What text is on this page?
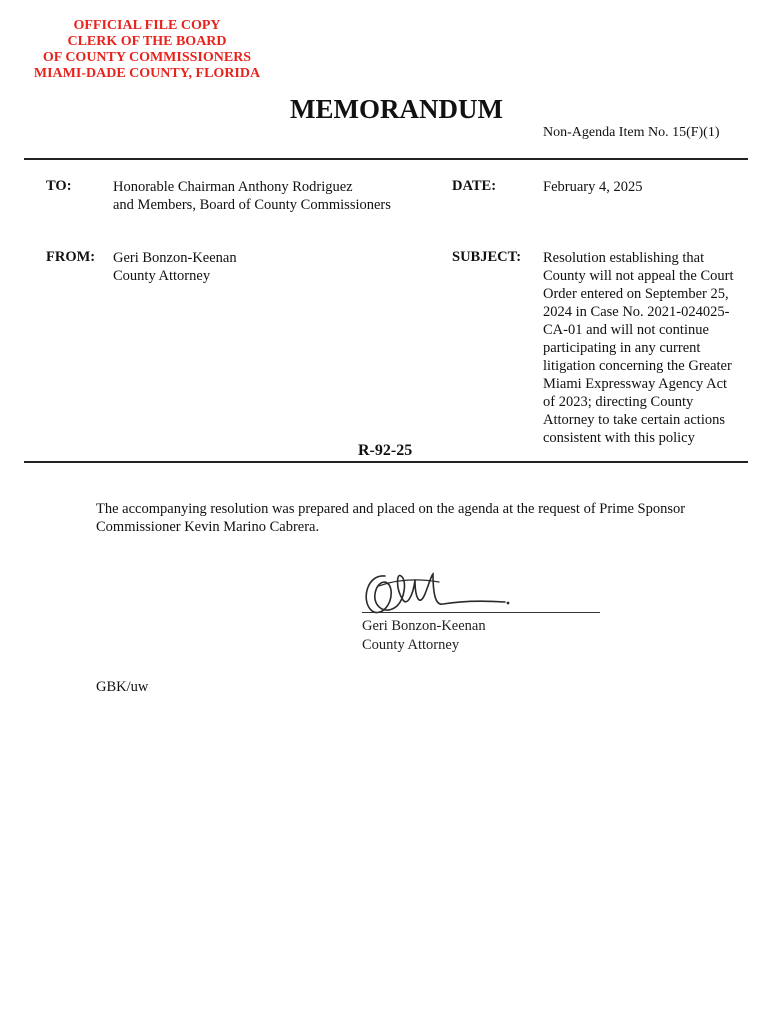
OFFICIAL FILE COPY
CLERK OF THE BOARD
OF COUNTY COMMISSIONERS
MIAMI-DADE COUNTY, FLORIDA
MEMORANDUM
Non-Agenda Item No. 15(F)(1)
TO:	Honorable Chairman Anthony Rodriguez
and Members, Board of County Commissioners
DATE:	February 4, 2025
FROM: Geri Bonzon-Keenan
County Attorney
SUBJECT: Resolution establishing that
County will not appeal the Court
Order entered on September 25,
2024 in Case No. 2021-024025-
CA-01 and will not continue
participating in any current
litigation concerning the Greater
Miami Expressway Agency Act
of 2023; directing County
Attorney to take certain actions
consistent with this policy
R-92-25
The accompanying resolution was prepared and placed on the agenda at the request of Prime Sponsor
Commissioner Kevin Marino Cabrera.
Geri Bonzon-Keenan
County Attorney
GBK/uw
